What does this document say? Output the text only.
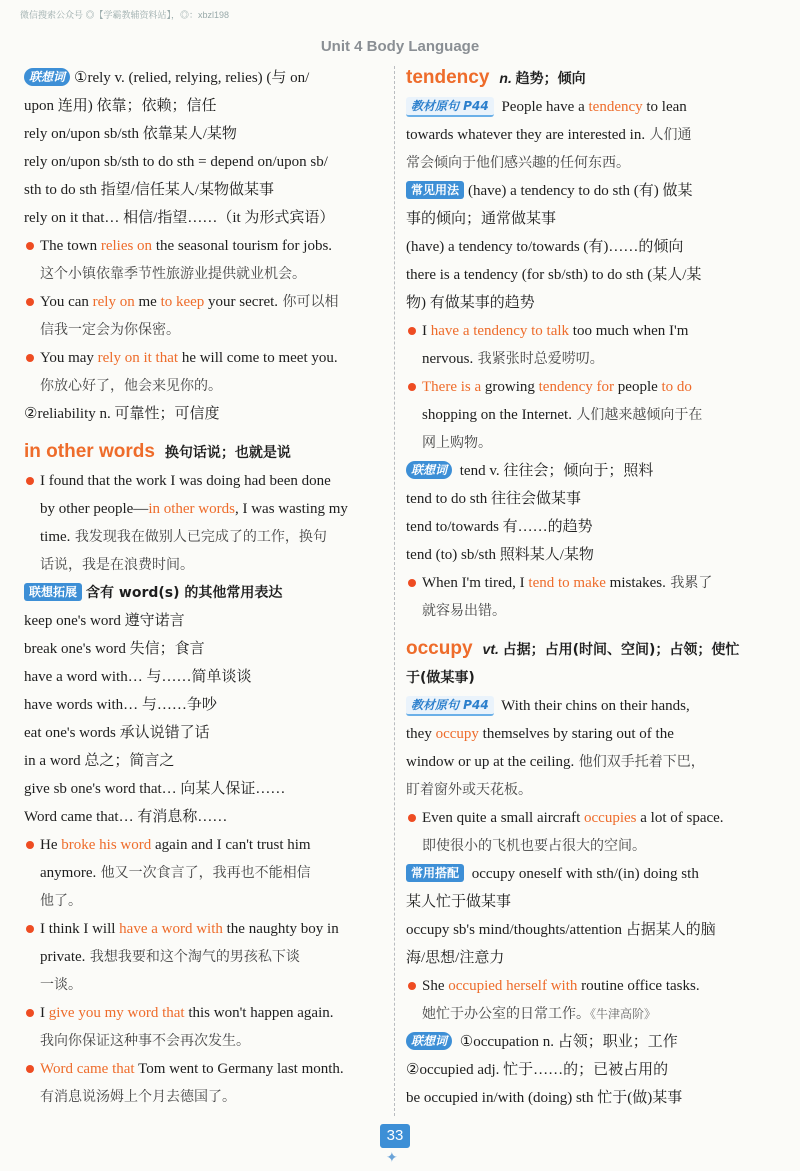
微信搜索公众号 ◎【学霸教辅资料站】，◎：xbzl198
Unit 4 Body Language
联想词 ①rely v. (relied, relying, relies) (与 on/
upon 连用) 依靠；依赖；信任
rely on/upon sb/sth 依靠某人/某物
rely on/upon sb/sth to do sth = depend on/upon sb/
sth to do sth 指望/信任某人/某物做某事
rely on it that… 相信/指望……（it 为形式宾语）
The town relies on the seasonal tourism for jobs.
这个小镇依靠季节性旅游业提供就业机会。
You can rely on me to keep your secret. 你可以相
信我一定会为你保密。
You may rely on it that he will come to meet you.
你放心好了，他会来见你的。
②reliability n. 可靠性；可信度
in other words 换句话说；也就是说
I found that the work I was doing had been done
by other people—in other words, I was wasting my
time. 我发现我在做别人已完成了的工作，换句
话说，我是在浪费时间。
联想拓展 含有 word(s) 的其他常用表达
keep one's word 遵守诺言
break one's word 失信；食言
have a word with… 与……简单谈谈
have words with… 与……争吵
eat one's words 承认说错了话
in a word 总之；简言之
give sb one's word that… 向某人保证……
Word came that… 有消息称……
He broke his word again and I can't trust him
anymore. 他又一次食言了，我再也不能相信
他了。
I think I will have a word with the naughty boy in
private. 我想我要和这个淘气的男孩私下谈
一谈。
I give you my word that this won't happen again.
我向你保证这种事不会再次发生。
Word came that Tom went to Germany last month.
有消息说汤姆上个月去德国了。
tendency n. 趋势；倾向
教材原句 P44 People have a tendency to lean
towards whatever they are interested in. 人们通
常会倾向于他们感兴趣的任何东西。
常见用法 (have) a tendency to do sth (有) 做某
事的倾向；通常做某事
(have) a tendency to/towards (有)……的倾向
there is a tendency (for sb/sth) to do sth (某人/某
物) 有做某事的趋势
I have a tendency to talk too much when I'm
nervous. 我紧张时总爱唠叨。
There is a growing tendency for people to do
shopping on the Internet. 人们越来越倾向于在
网上购物。
联想词 tend v. 往往会；倾向于；照料
tend to do sth 往往会做某事
tend to/towards 有……的趋势
tend (to) sb/sth 照料某人/某物
When I'm tired, I tend to make mistakes. 我累了
就容易出错。
occupy vt. 占据；占用(时间、空间)；占领；使忙
于(做某事)
教材原句 P44 With their chins on their hands,
they occupy themselves by staring out of the
window or up at the ceiling. 他们双手托着下巴，
盯着窗外或天花板。
Even quite a small aircraft occupies a lot of space.
即使很小的飞机也要占很大的空间。
常用搭配 occupy oneself with sth/(in) doing sth
某人忙于做某事
occupy sb's mind/thoughts/attention 占据某人的脑
海/思想/注意力
She occupied herself with routine office tasks.
她忙于办公室的日常工作。《牛津高阶》
联想词 ①occupation n. 占领；职业；工作
②occupied adj. 忙于……的；已被占用的
be occupied in/with (doing) sth 忙于(做)某事
33
✦
